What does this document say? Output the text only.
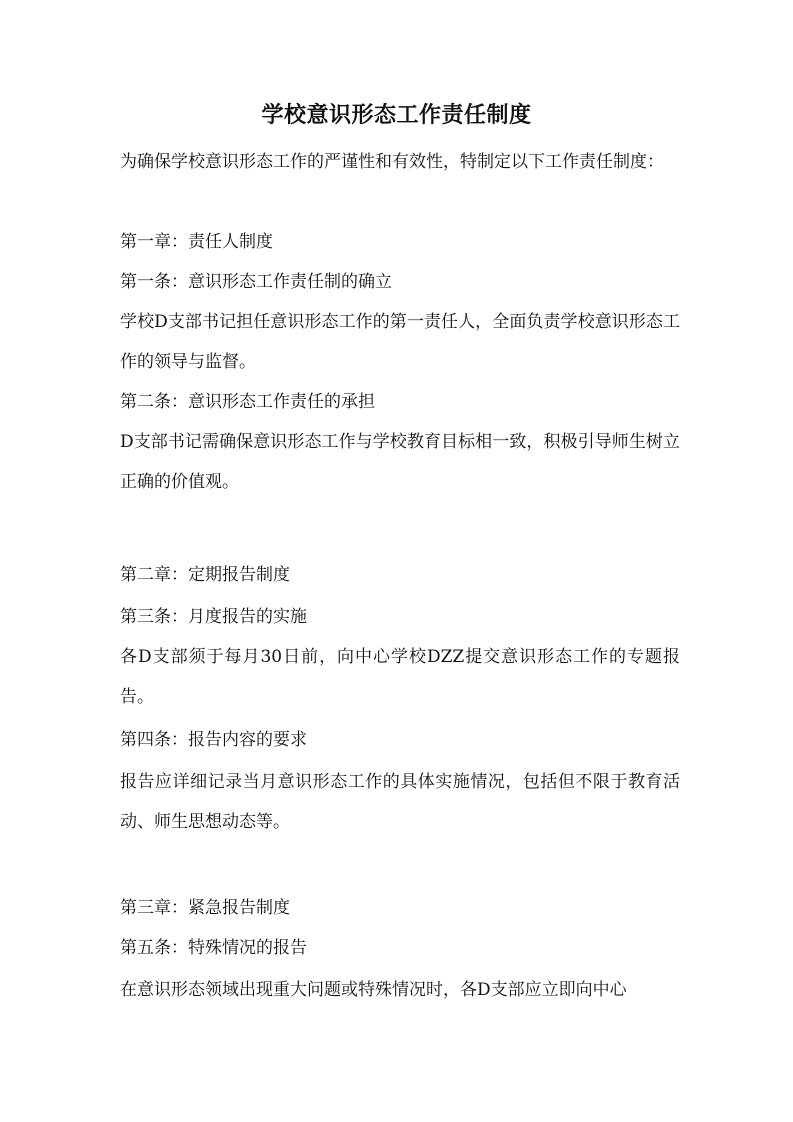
学校意识形态工作责任制度

为确保学校意识形态工作的严谨性和有效性，特制定以下工作责任制度：

第一章：责任人制度

第一条：意识形态工作责任制的确立

学校D支部书记担任意识形态工作的第一责任人，全面负责学校意识形态工作的领导与监督。

第二条：意识形态工作责任的承担

D支部书记需确保意识形态工作与学校教育目标相一致，积极引导师生树立正确的价值观。

第二章：定期报告制度

第三条：月度报告的实施

各D支部须于每月30日前，向中心学校DZZ提交意识形态工作的专题报告。

第四条：报告内容的要求

报告应详细记录当月意识形态工作的具体实施情况，包括但不限于教育活动、师生思想动态等。

第三章：紧急报告制度

第五条：特殊情况的报告

在意识形态领域出现重大问题或特殊情况时，各D支部应立即向中心
